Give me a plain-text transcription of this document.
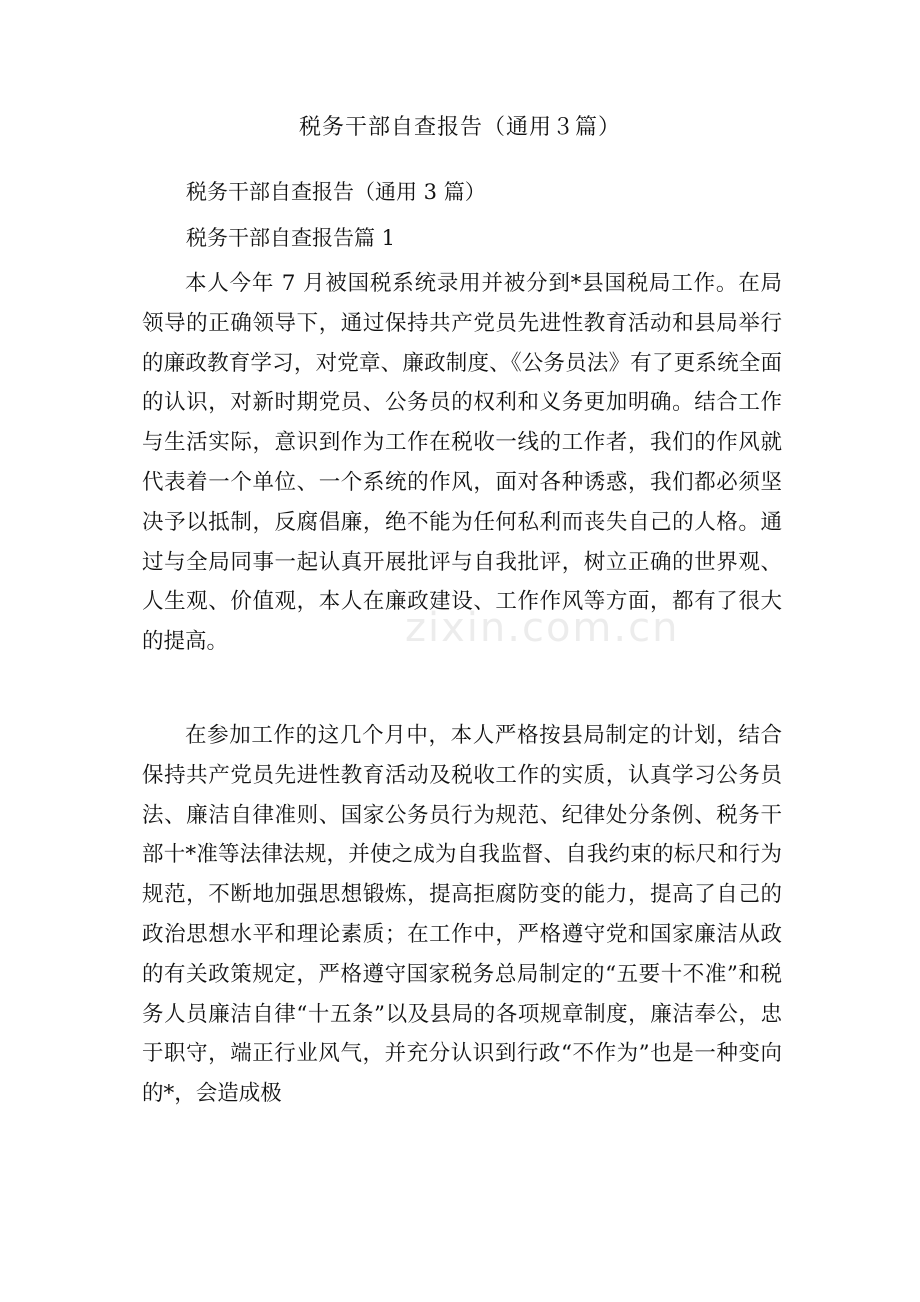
税务干部自查报告（通用３篇）

税务干部自查报告（通用 3 篇）

税务干部自查报告篇 1

本人今年 7 月被国税系统录用并被分到*县国税局工作。在局领导的正确领导下，通过保持共产党员先进性教育活动和县局举行的廉政教育学习，对党章、廉政制度、《公务员法》有了更系统全面的认识，对新时期党员、公务员的权利和义务更加明确。结合工作与生活实际，意识到作为工作在税收一线的工作者，我们的作风就代表着一个单位、一个系统的作风，面对各种诱惑，我们都必须坚决予以抵制，反腐倡廉，绝不能为任何私利而丧失自己的人格。通过与全局同事一起认真开展批评与自我批评，树立正确的世界观、人生观、价值观，本人在廉政建设、工作作风等方面，都有了很大的提高。

在参加工作的这几个月中，本人严格按县局制定的计划，结合保持共产党员先进性教育活动及税收工作的实质，认真学习公务员法、廉洁自律准则、国家公务员行为规范、纪律处分条例、税务干部十*准等法律法规，并使之成为自我监督、自我约束的标尺和行为规范，不断地加强思想锻炼，提高拒腐防变的能力，提高了自己的政治思想水平和理论素质；在工作中，严格遵守党和国家廉洁从政的有关政策规定，严格遵守国家税务总局制定的“五要十不准”和税务人员廉洁自律“十五条”以及县局的各项规章制度，廉洁奉公，忠于职守，端正行业风气，并充分认识到行政“不作为”也是一种变向的*，会造成极

zixin.com.cn
